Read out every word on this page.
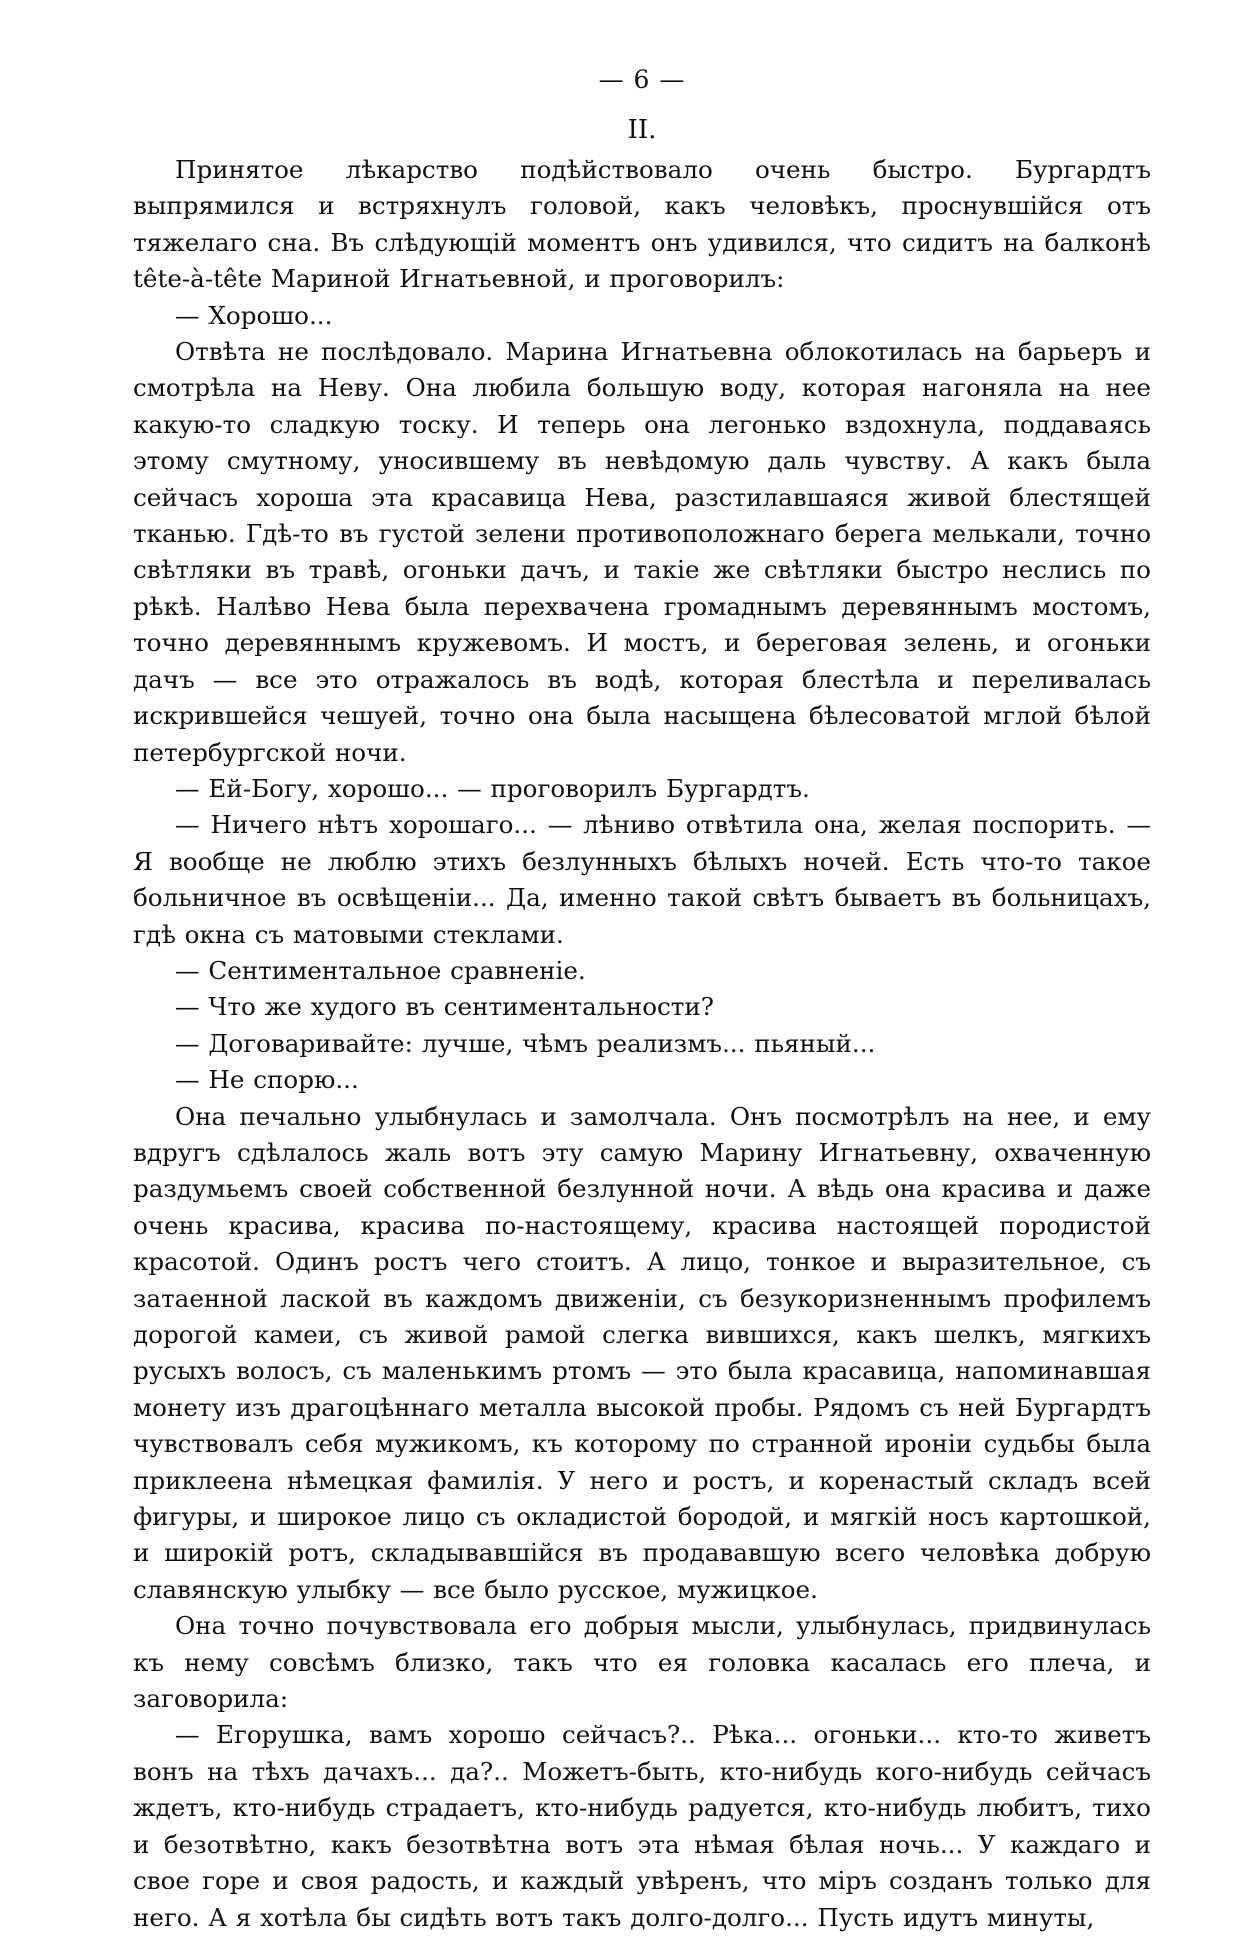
— 6 —
II.

Принятое лѣкарство подѣйствовало очень быстро. Бургардтъ выпрямился и встряхнулъ головой, какъ человѣкъ, проснувшійся отъ тяжелаго сна. Въ слѣдующій моментъ онъ удивился, что сидитъ на балконѣ tête-à-tête Мариной Игнатьевной, и проговорилъ:

— Хорошо...

Отвѣта не послѣдовало. Марина Игнатьевна облокотилась на барьеръ и смотрѣла на Неву. Она любила большую воду, которая нагоняла на нее какую-то сладкую тоску. И теперь она легонько вздохнула, поддаваясь этому смутному, уносившему въ невѣдомую даль чувству. А какъ была сейчасъ хороша эта красавица Нева, разстилавшаяся живой блестящей тканью. Гдѣ-то въ густой зелени противоположнаго берега мелькали, точно свѣтляки въ травѣ, огоньки дачъ, и такіе же свѣтляки быстро неслись по рѣкѣ. Налѣво Нева была перехвачена громаднымъ деревяннымъ мостомъ, точно деревяннымъ кружевомъ. И мостъ, и береговая зелень, и огоньки дачъ — все это отражалось въ водѣ, которая блестѣла и переливалась искрившейся чешуей, точно она была насыщена бѣлесоватой мглой бѣлой петербургской ночи.

— Ей-Богу, хорошо... — проговорилъ Бургардтъ.

— Ничего нѣтъ хорошаго... — лѣниво отвѣтила она, желая поспорить. — Я вообще не люблю этихъ безлунныхъ бѣлыхъ ночей. Есть что-то такое больничное въ освѣщеніи... Да, именно такой свѣтъ бываетъ въ больницахъ, гдѣ окна съ матовыми стеклами.

— Сентиментальное сравненіе.

— Что же худого въ сентиментальности?

— Договаривайте: лучше, чѣмъ реализмъ... пьяный...

— Не спорю...

Она печально улыбнулась и замолчала. Онъ посмотрѣлъ на нее, и ему вдругъ сдѣлалось жаль вотъ эту самую Марину Игнатьевну, охваченную раздумьемъ своей собственной безлунной ночи. А вѣдь она красива и даже очень красива, красива по-настоящему, красива настоящей породистой красотой. Одинъ ростъ чего стоитъ. А лицо, тонкое и выразительное, съ затаенной лаской въ каждомъ движеніи, съ безукоризненнымъ профилемъ дорогой камеи, съ живой рамой слегка вившихся, какъ шелкъ, мягкихъ русыхъ волосъ, съ маленькимъ ртомъ — это была красавица, напоминавшая монету изъ драгоцѣннаго металла высокой пробы. Рядомъ съ ней Бургардтъ чувствовалъ себя мужикомъ, къ которому по странной ироніи судьбы была приклеена нѣмецкая фамилія. У него и ростъ, и коренастый складъ всей фигуры, и широкое лицо съ окладистой бородой, и мягкій носъ картошкой, и широкій ротъ, складывавшійся въ продававшую всего человѣка добрую славянскую улыбку — все было русское, мужицкое.

Она точно почувствовала его добрыя мысли, улыбнулась, придвинулась къ нему совсѣмъ близко, такъ что ея головка касалась его плеча, и заговорила:

— Егорушка, вамъ хорошо сейчасъ?.. Рѣка... огоньки... кто-то живетъ вонъ на тѣхъ дачахъ... да?.. Можетъ-быть, кто-нибудь кого-нибудь сейчасъ ждетъ, кто-нибудь страдаетъ, кто-нибудь радуется, кто-нибудь любитъ, тихо и безотвѣтно, какъ безотвѣтна вотъ эта нѣмая бѣлая ночь... У каждаго и свое горе и своя радость, и каждый увѣренъ, что міръ созданъ только для него. А я хотѣла бы сидѣть вотъ такъ долго-долго... Пусть идутъ минуты,
